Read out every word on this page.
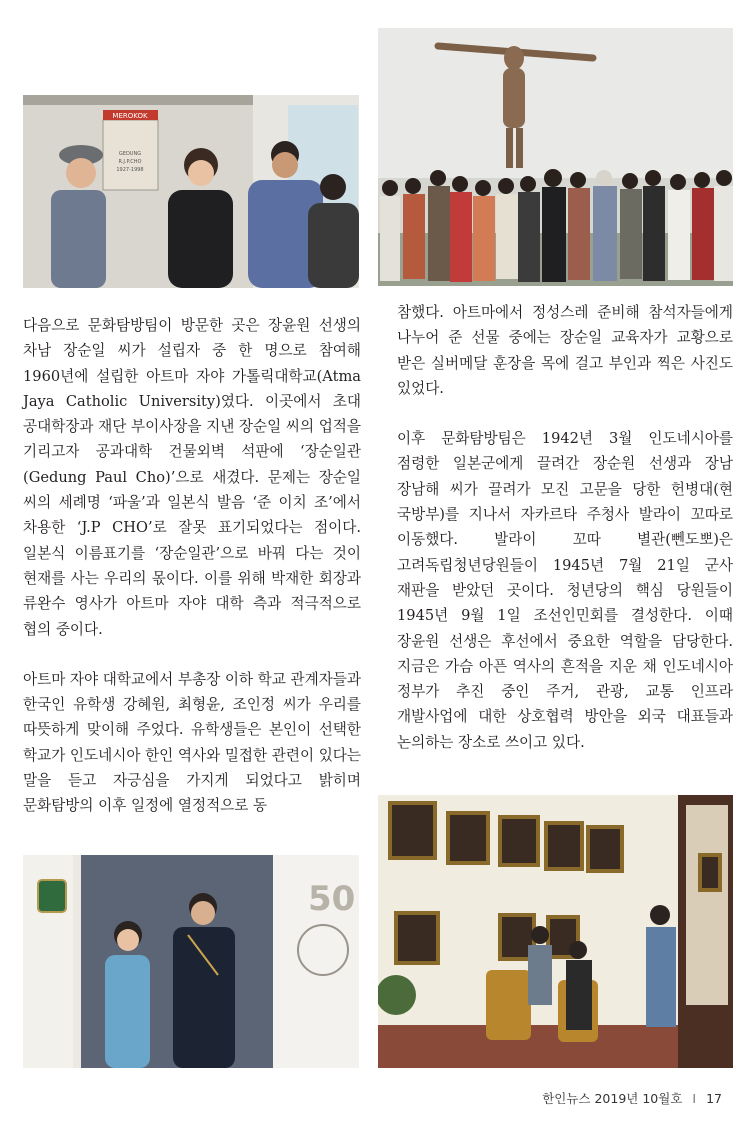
MEROKOK
GEDUNG
R.J.P.CHO
1927-1998

다음으로 문화탐방팀이 방문한 곳은 장윤원 선생의 차남 장순일 씨가 설립자 중 한 명으로 참여해 1960년에 설립한 아트마 자야 가톨릭대학교(Atma Jaya Catholic University)였다. 이곳에서 초대 공대학장과 재단 부이사장을 지낸 장순일 씨의 업적을 기리고자 공과대학 건물외벽 석판에 ‘장순일관(Gedung Paul Cho)’으로 새겼다. 문제는 장순일 씨의 세례명 ‘파울’과 일본식 발음 ‘준 이치 조’에서 차용한 ‘J.P CHO’로 잘못 표기되었다는 점이다. 일본식 이름표기를 ‘장순일관’으로 바꿔 다는 것이 현재를 사는 우리의 몫이다. 이를 위해 박재한 회장과 류완수 영사가 아트마 자야 대학 측과 적극적으로 협의 중이다.

아트마 자야 대학교에서 부총장 이하 학교 관계자들과 한국인 유학생 강혜원, 최형윤, 조인정 씨가 우리를 따뜻하게 맞이해 주었다. 유학생들은 본인이 선택한 학교가 인도네시아 한인 역사와 밀접한 관련이 있다는 말을 듣고 자긍심을 가지게 되었다고 밝히며 문화탐방의 이후 일정에 열정적으로 동

참했다. 아트마에서 정성스레 준비해 참석자들에게 나누어 준 선물 중에는 장순일 교육자가 교황으로 받은 실버메달 훈장을 목에 걸고 부인과 찍은 사진도 있었다.

이후 문화탐방팀은 1942년 3월 인도네시아를 점령한 일본군에게 끌려간 장순원 선생과 장남 장남해 씨가 끌려가 모진 고문을 당한 헌병대(현 국방부)를 지나서 자카르타 주청사 발라이 꼬따로 이동했다. 발라이 꼬따 별관(뻰도뽀)은 고려독립청년당원들이 1945년 7월 21일 군사 재판을 받았던 곳이다. 청년당의 핵심 당원들이 1945년 9월 1일 조선인민회를 결성한다. 이때 장윤원 선생은 후선에서 중요한 역할을 담당한다. 지금은 가슴 아픈 역사의 흔적을 지운 채 인도네시아 정부가 추진 중인 주거, 관광, 교통 인프라 개발사업에 대한 상호협력 방안을 외국 대표들과 논의하는 장소로 쓰이고 있다.

50
한인뉴스 2019년 10월호 I 17
